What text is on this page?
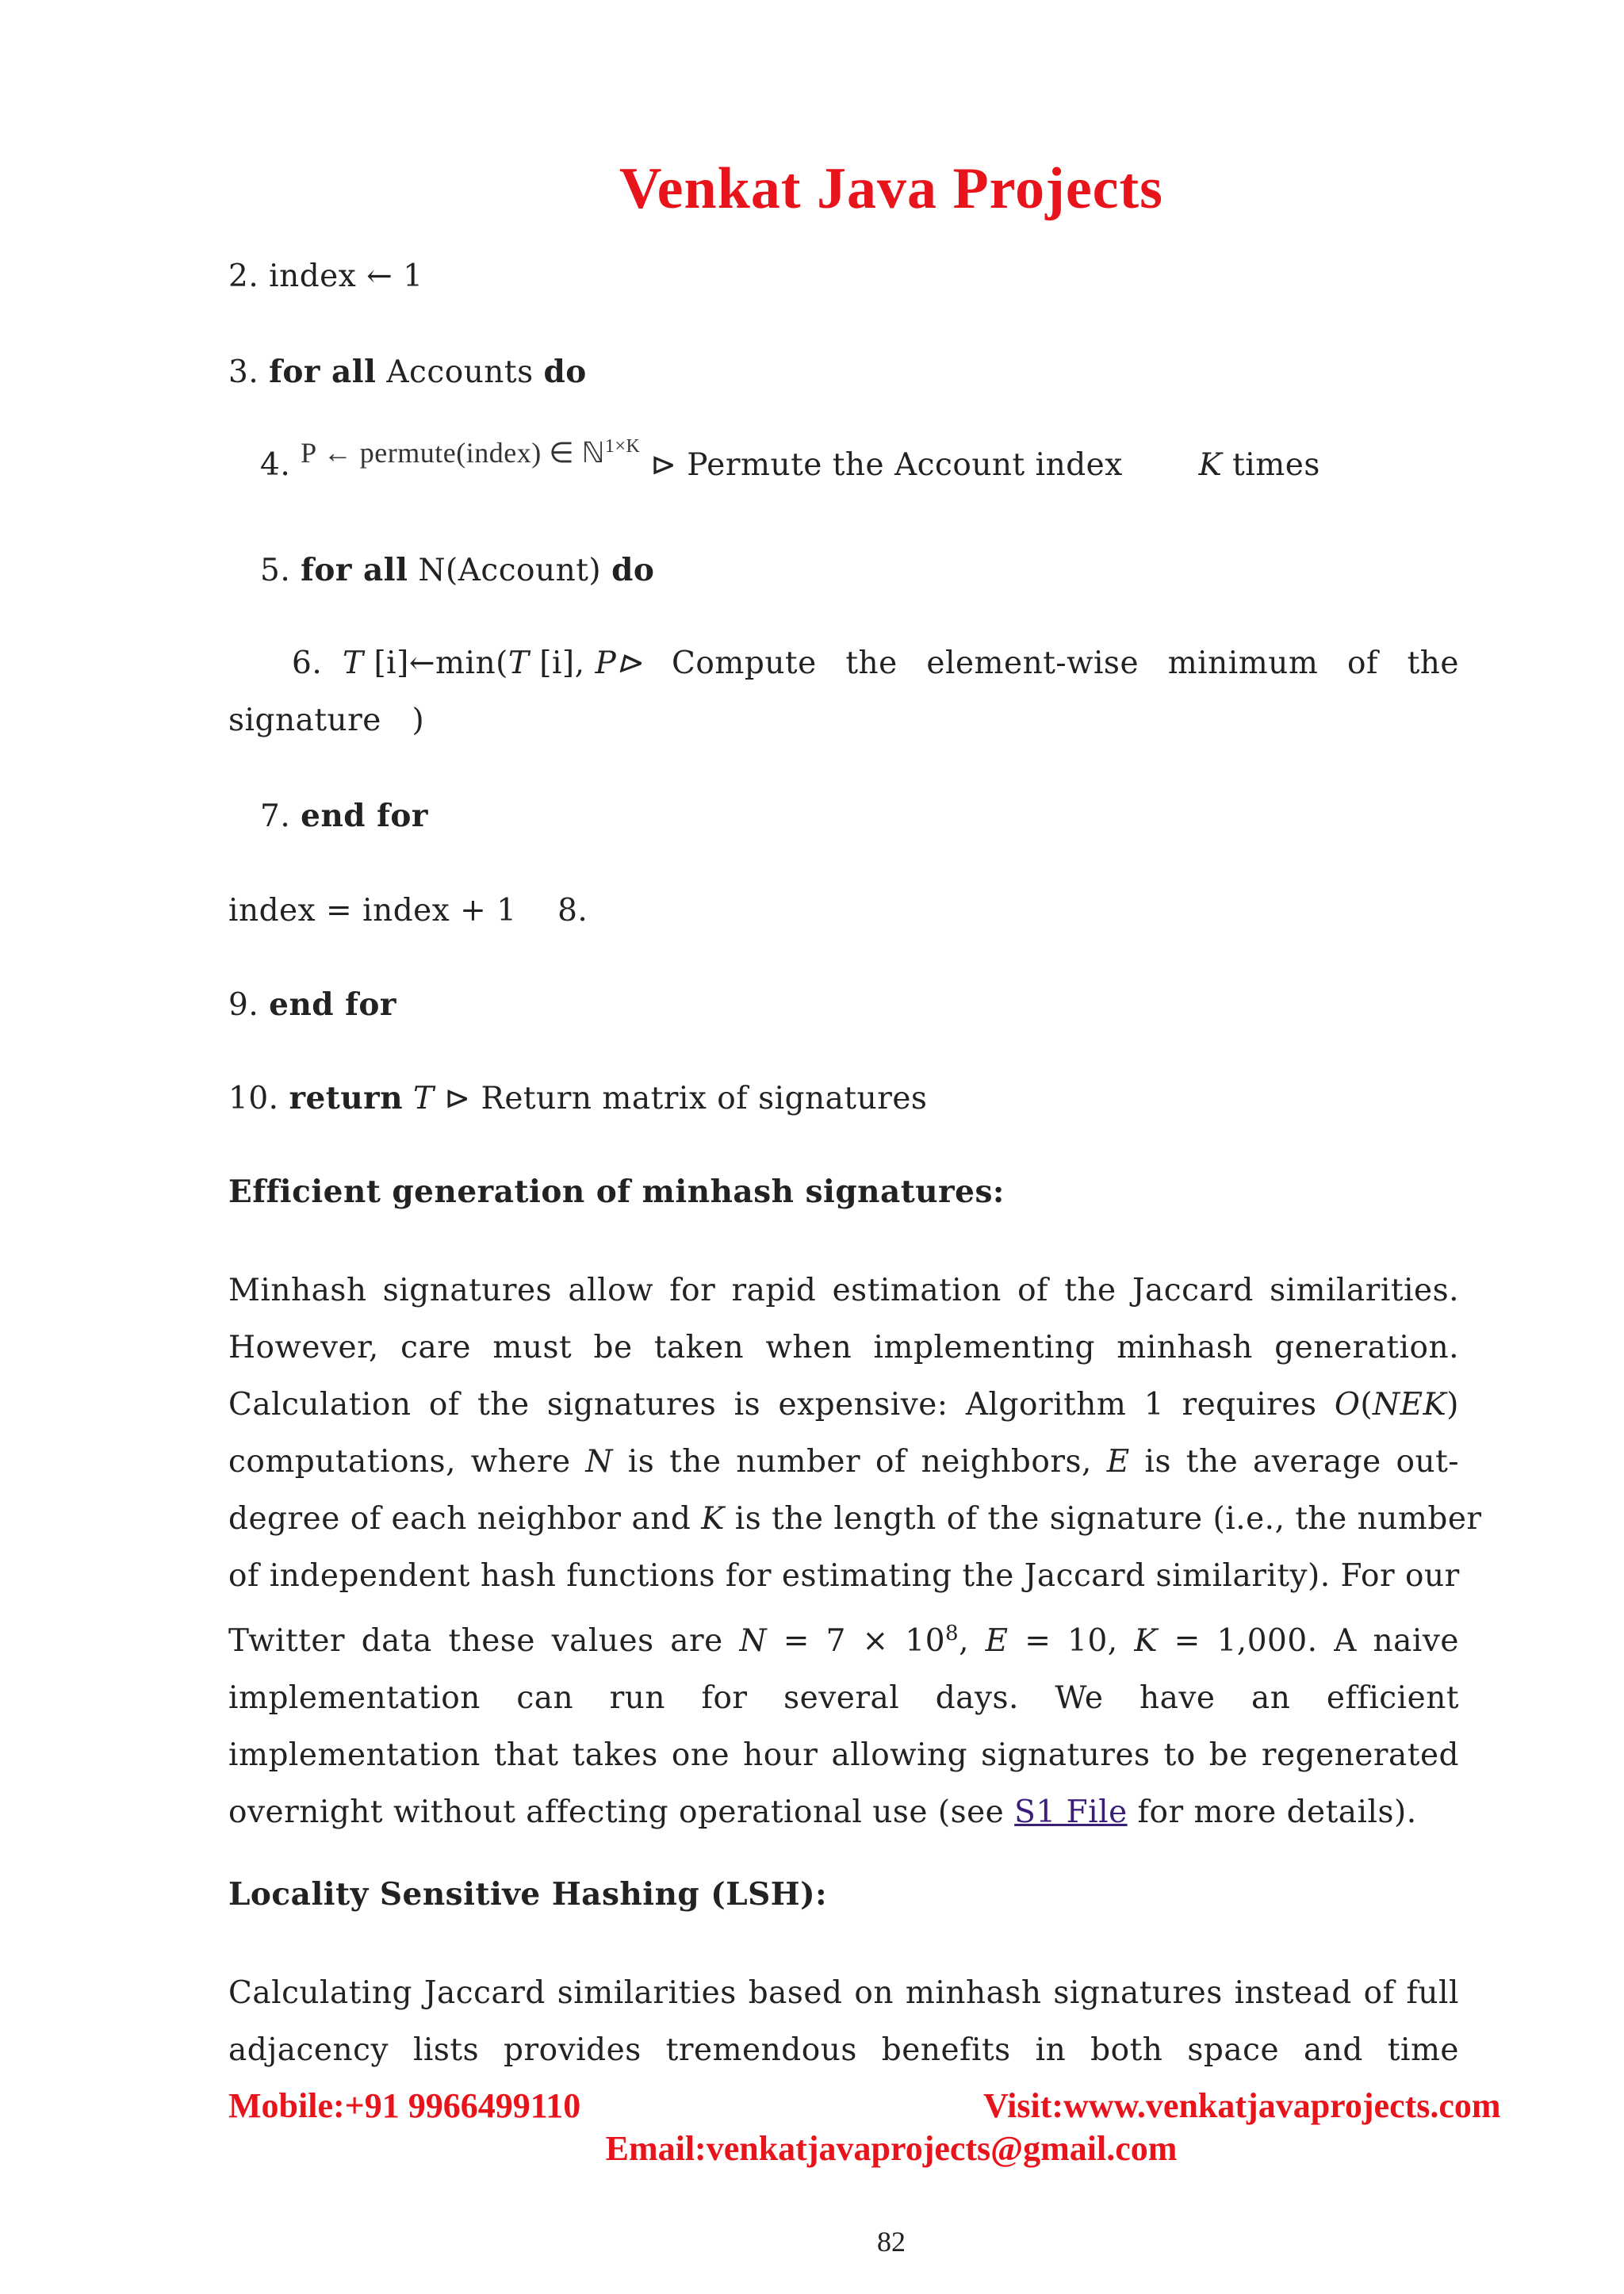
Venkat Java Projects
2. index ← 1
3. for all Accounts do
4. P ← permute(index) ∈ ℕ$^{1\times K}$ ⊳ Permute the Account index K times
5. for all N(Account) do
6. T [i]←min(T [i], P⊳ Compute the element-wise minimum of the
signature   )
7. end for
index = index + 1    8.
9. end for
10. return T ⊳ Return matrix of signatures
Efficient generation of minhash signatures:
Minhash signatures allow for rapid estimation of the Jaccard similarities.
However, care must be taken when implementing minhash generation.
Calculation of the signatures is expensive: Algorithm 1 requires O(NEK)
computations, where N is the number of neighbors, E is the average out-
degree of each neighbor and K is the length of the signature (i.e., the number
of independent hash functions for estimating the Jaccard similarity). For our
Twitter data these values are $N = 7 \times 10^8$, E = 10, K = 1,000. A naive
implementation can run for several days. We have an efficient
implementation that takes one hour allowing signatures to be regenerated
overnight without affecting operational use (see S1 File for more details).
Locality Sensitive Hashing (LSH):
Calculating Jaccard similarities based on minhash signatures instead of full
adjacency lists provides tremendous benefits in both space and time
Mobile:+91 9966499110	Visit:www.venkatjavaprojects.com
Email:venkatjavaprojects@gmail.com
82
